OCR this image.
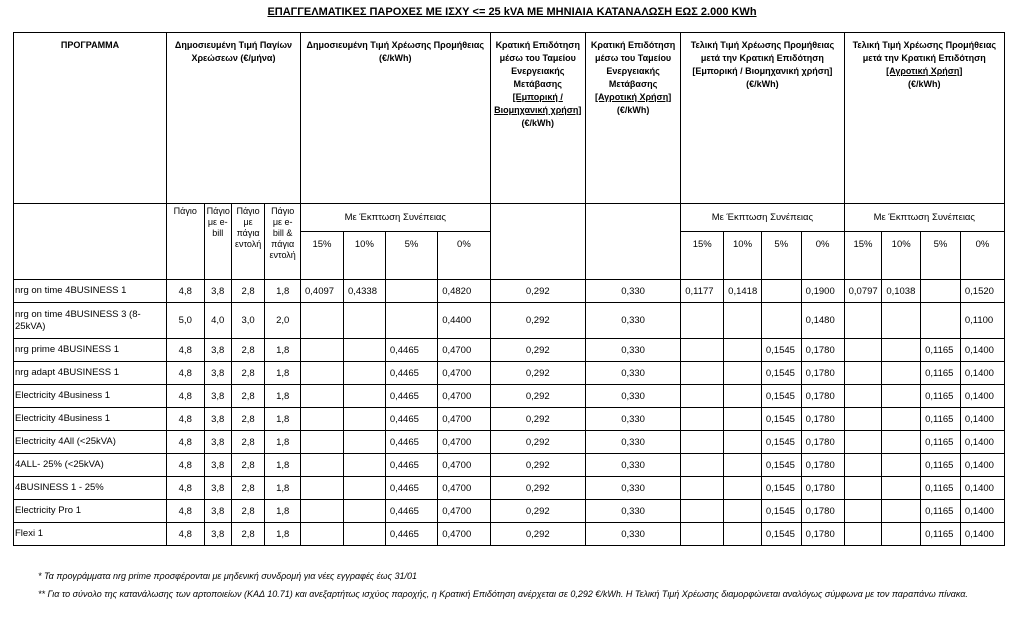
ΕΠΑΓΓΕΛΜΑΤΙΚΕΣ ΠΑΡΟΧΕΣ ΜΕ ΙΣΧΥ <= 25 kVA ΜΕ ΜΗΝΙΑΙΑ ΚΑΤΑΝΑΛΩΣΗ ΕΩΣ 2.000 KWh
ΠΡΟΓΡΑΜΜΑ	Δημοσιευμένη Τιμή Παγίων Χρεώσεων (€/μήνα)				Δημοσιευμένη Τιμή Χρέωσης Προμήθειας (€/kWh)				Κρατική Επιδότηση μέσω του Ταμείου Ενεργειακής Μετάβασης
[Εμπορική / Βιομηχανική χρήση]
(€/kWh)	Κρατική Επιδότηση μέσω του Ταμείου Ενεργειακής Μετάβασης
[Αγροτική Χρήση]
(€/kWh)	Τελική Τιμή Χρέωσης Προμήθειας μετά την Κρατική Επιδότηση [Εμπορική / Βιομηχανική χρήση] (€/kWh)				Τελική Τιμή Χρέωσης Προμήθειας μετά την Κρατική Επιδότηση
[Αγροτική Χρήση]
(€/kWh)			
	Πάγιο	Πάγιο με e-bill	Πάγιο με πάγια εντολή	Πάγιο με e-bill & πάγια εντολή	Με Έκπτωση Συνέπειας						Με Έκπτωση Συνέπειας				Με Έκπτωση Συνέπειας			
					15%	10%	5%	0%			15%	10%	5%	0%	15%	10%	5%	0%
nrg on time 4BUSINESS 1	4,8	3,8	2,8	1,8	0,4097	0,4338		0,4820	0,292	0,330	0,1177	0,1418		0,1900	0,0797	0,1038		0,1520
nrg on time 4BUSINESS 3 (8-25kVA)	5,0	4,0	3,0	2,0				0,4400	0,292	0,330				0,1480				0,1100
nrg prime 4BUSINESS 1	4,8	3,8	2,8	1,8			0,4465	0,4700	0,292	0,330			0,1545	0,1780			0,1165	0,1400
nrg adapt 4BUSINESS 1	4,8	3,8	2,8	1,8			0,4465	0,4700	0,292	0,330			0,1545	0,1780			0,1165	0,1400
Electricity 4Business 1	4,8	3,8	2,8	1,8			0,4465	0,4700	0,292	0,330			0,1545	0,1780			0,1165	0,1400
Electricity 4Business 1	4,8	3,8	2,8	1,8			0,4465	0,4700	0,292	0,330			0,1545	0,1780			0,1165	0,1400
Electricity 4All (<25kVA)	4,8	3,8	2,8	1,8			0,4465	0,4700	0,292	0,330			0,1545	0,1780			0,1165	0,1400
4ALL- 25% (<25kVA)	4,8	3,8	2,8	1,8			0,4465	0,4700	0,292	0,330			0,1545	0,1780			0,1165	0,1400
4BUSINESS 1 - 25%	4,8	3,8	2,8	1,8			0,4465	0,4700	0,292	0,330			0,1545	0,1780			0,1165	0,1400
Electricity Pro 1	4,8	3,8	2,8	1,8			0,4465	0,4700	0,292	0,330			0,1545	0,1780			0,1165	0,1400
Flexi 1	4,8	3,8	2,8	1,8			0,4465	0,4700	0,292	0,330			0,1545	0,1780			0,1165	0,1400

* Τα προγράμματα nrg prime προσφέρονται με μηδενική συνδρομή για νέες εγγραφές έως 31/01

** Για το σύνολο της κατανάλωσης των αρτοποιείων (ΚΑΔ 10.71) και ανεξαρτήτως ισχύος παροχής, η Κρατική Επιδότηση ανέρχεται σε 0,292 €/kWh. Η Τελική Τιμή Χρέωσης διαμορφώνεται αναλόγως σύμφωνα με τον παραπάνω πίνακα.
